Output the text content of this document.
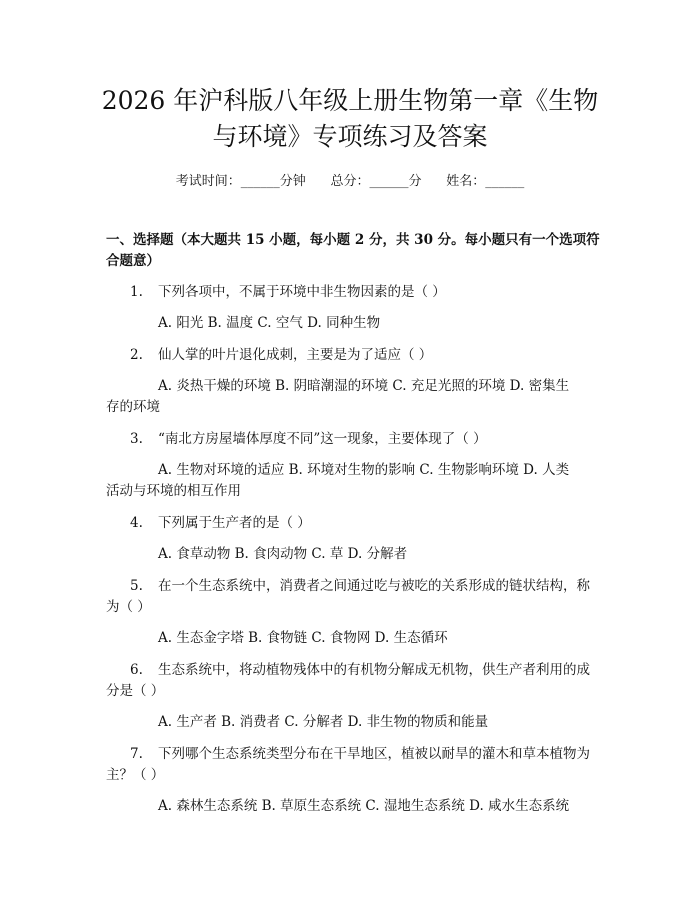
2026 年沪科版八年级上册生物第一章《生物
与环境》专项练习及答案
考试时间：______分钟      总分：______分      姓名：______
一、选择题（本大题共 15 小题，每小题 2 分，共 30 分。每小题只有一个选项符
合题意）
1. 下列各项中，不属于环境中非生物因素的是（ ）
A. 阳光 B. 温度 C. 空气 D. 同种生物
2. 仙人掌的叶片退化成刺，主要是为了适应（ ）
A. 炎热干燥的环境 B. 阴暗潮湿的环境 C. 充足光照的环境 D. 密集生
存的环境
3. “南北方房屋墙体厚度不同”这一现象，主要体现了（ ）
A. 生物对环境的适应 B. 环境对生物的影响 C. 生物影响环境 D. 人类
活动与环境的相互作用
4. 下列属于生产者的是（ ）
A. 食草动物 B. 食肉动物 C. 草 D. 分解者
5. 在一个生态系统中，消费者之间通过吃与被吃的关系形成的链状结构，称
为（ ）
A. 生态金字塔 B. 食物链 C. 食物网 D. 生态循环
6. 生态系统中，将动植物残体中的有机物分解成无机物，供生产者利用的成
分是（ ）
A. 生产者 B. 消费者 C. 分解者 D. 非生物的物质和能量
7. 下列哪个生态系统类型分布在干旱地区，植被以耐旱的灌木和草本植物为
主？（ ）
A. 森林生态系统 B. 草原生态系统 C. 湿地生态系统 D. 咸水生态系统
